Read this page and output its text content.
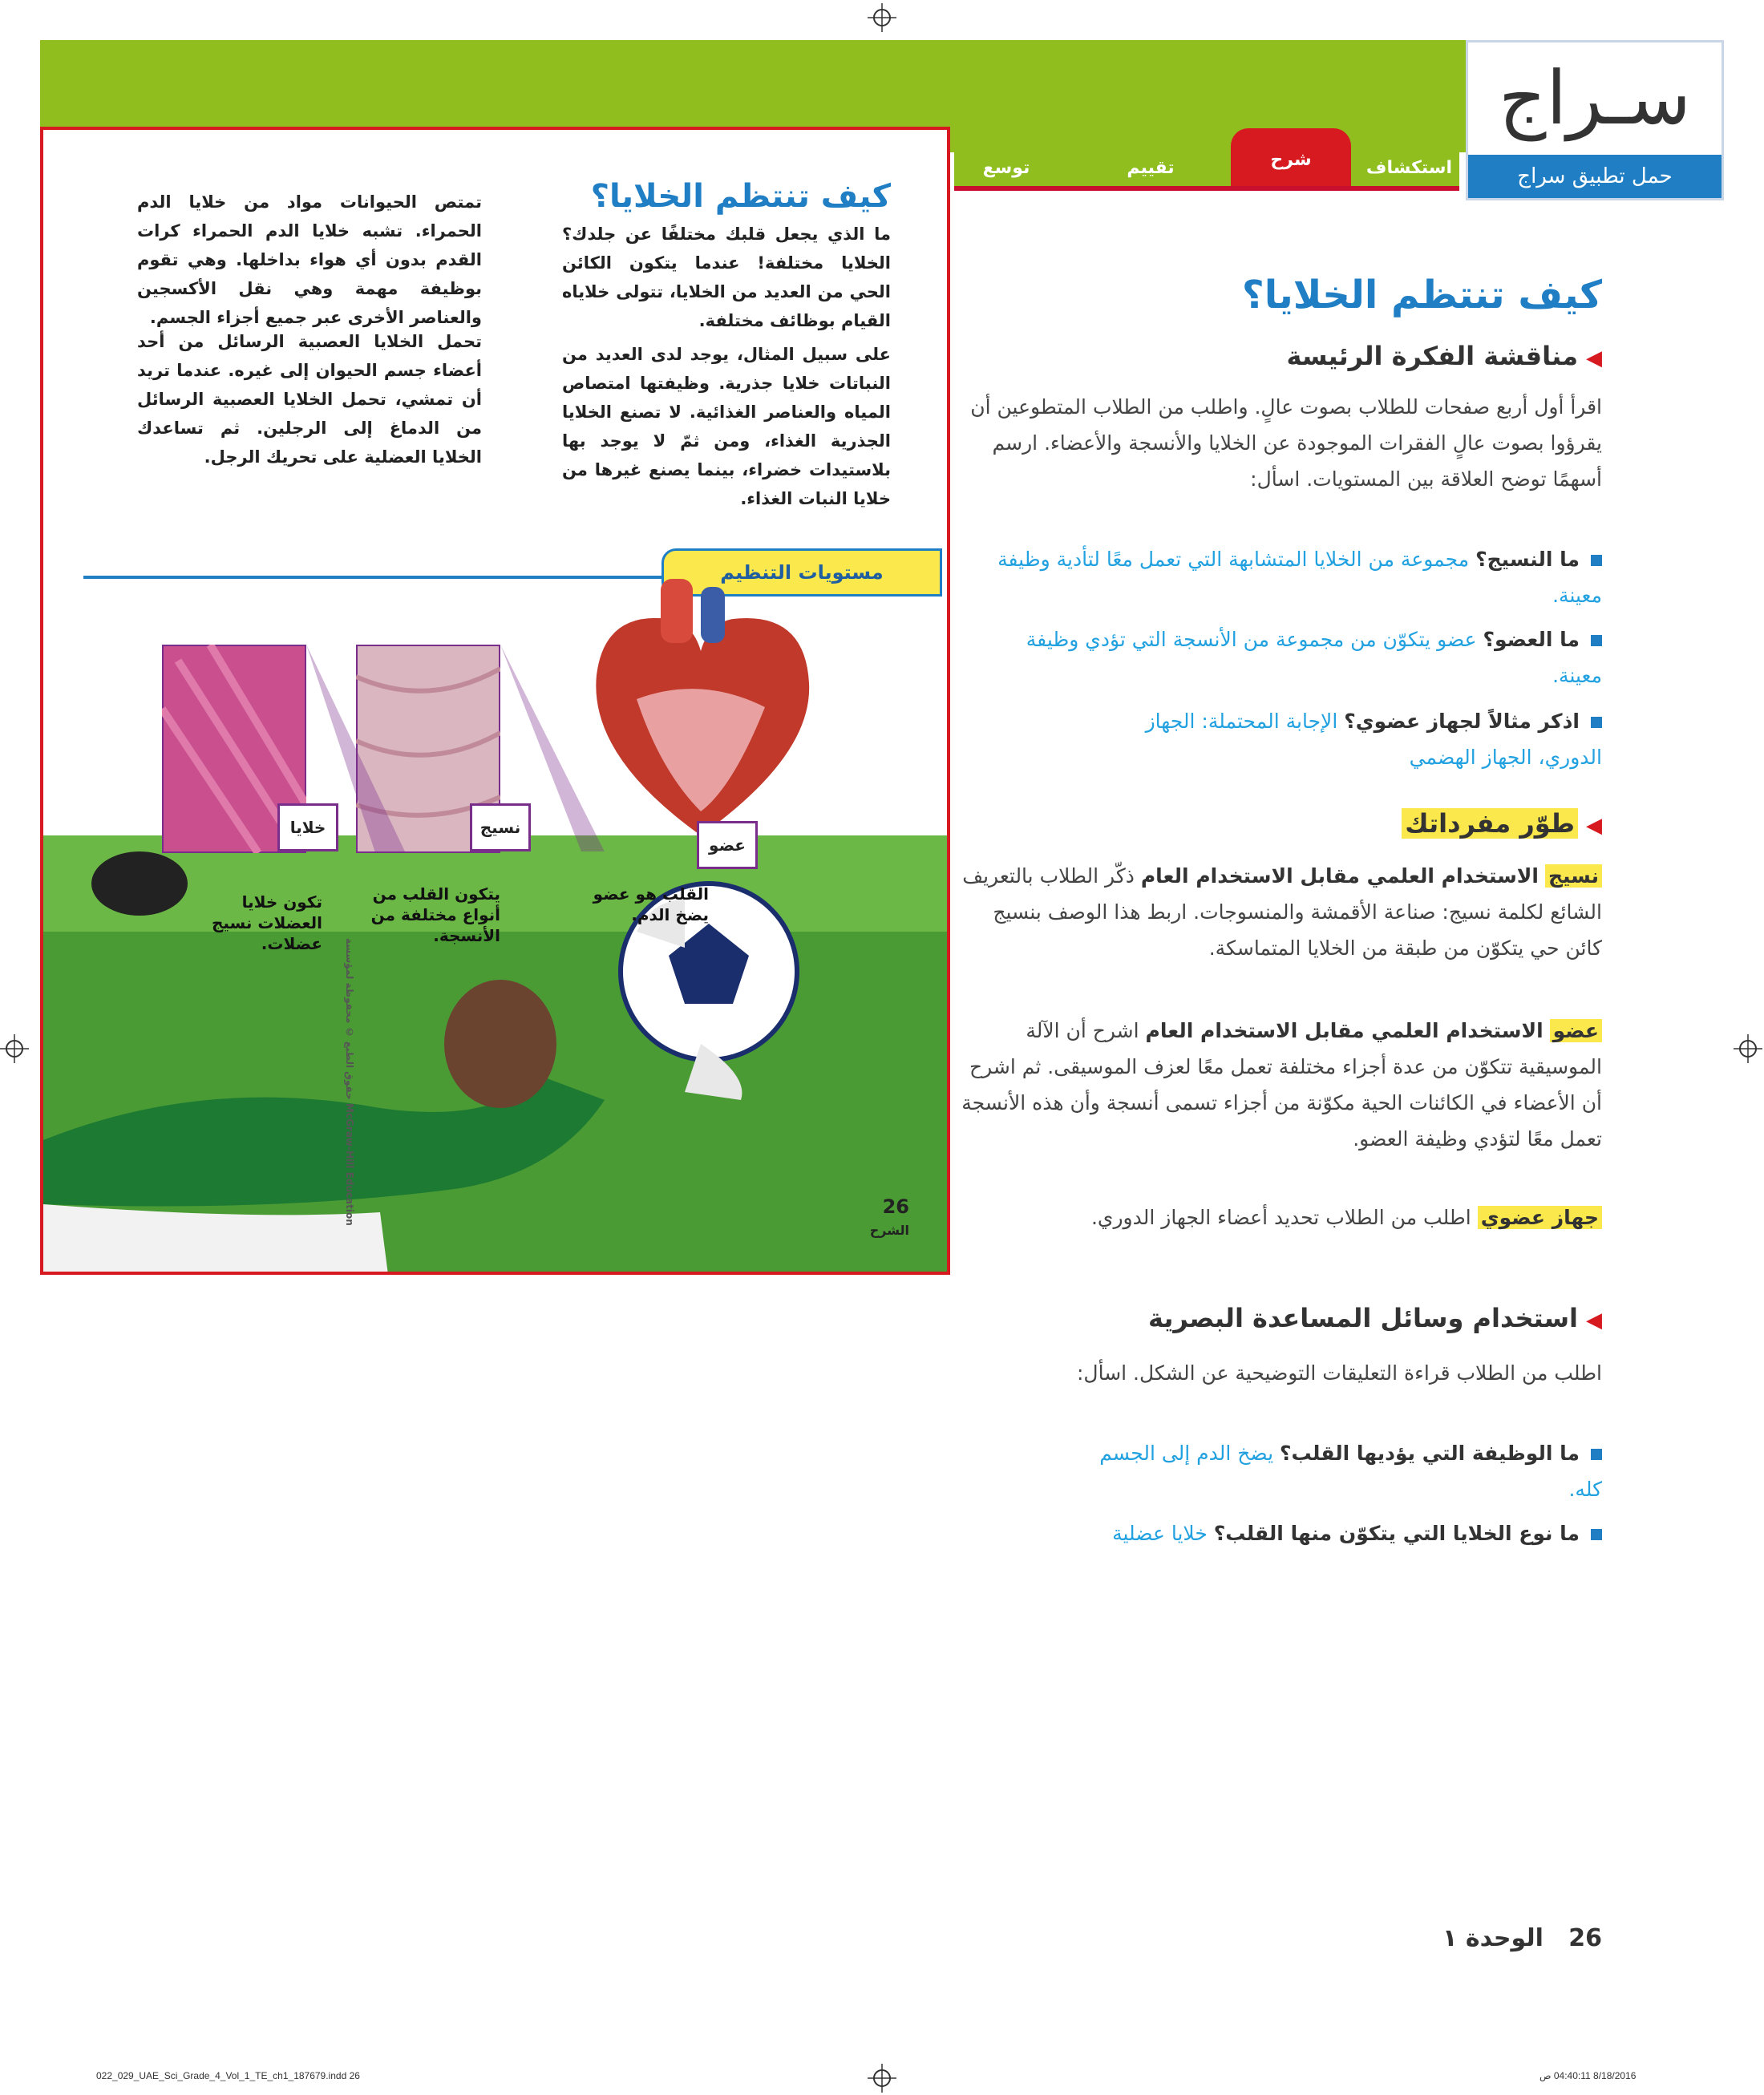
توسع	تقييم	شرح	استكشاف
سـراج
حمل تطبيق سراج
كيف تنتظم الخلايا؟
ما الذي يجعل قلبك مختلفًا عن جلدك؟ الخلايا مختلفة! عندما يتكون الكائن الحي من العديد من الخلايا، تتولى خلاياه القيام بوظائف مختلفة.
على سبيل المثال، يوجد لدى العديد من النباتات خلايا جذرية. وظيفتها امتصاص المياه والعناصر الغذائية. لا تصنع الخلايا الجذرية الغذاء، ومن ثمّ لا يوجد بها بلاستيدات خضراء، بينما يصنع غيرها من خلايا النبات الغذاء.
تمتص الحيوانات مواد من خلايا الدم الحمراء. تشبه خلايا الدم الحمراء كرات القدم بدون أي هواء بداخلها. وهي تقوم بوظيفة مهمة وهي نقل الأكسجين والعناصر الأخرى عبر جميع أجزاء الجسم.
تحمل الخلايا العصبية الرسائل من أحد أعضاء جسم الحيوان إلى غيره. عندما تريد أن تمشي، تحمل الخلايا العصبية الرسائل من الدماغ إلى الرجلين. ثم تساعدك الخلايا العضلية على تحريك الرجل.
مستويات التنظيم
عضو
نسيج
خلايا
القلب هو عضو يضخ الدم.
يتكون القلب من أنواع مختلفة من الأنسجة.
تكون خلايا العضلات نسيج عضلات.	McGraw-Hill Education حقوق الطبع © محفوظة لمؤسسة	26
الشرح
كيف تنتظم الخلايا؟
◀مناقشة الفكرة الرئيسة
اقرأ أول أربع صفحات للطلاب بصوت عالٍ. واطلب من الطلاب المتطوعين أن يقرؤوا بصوت عالٍ الفقرات الموجودة عن الخلايا والأنسجة والأعضاء. ارسم أسهمًا توضح العلاقة بين المستويات. اسأل:
ما النسيج؟ مجموعة من الخلايا المتشابهة التي تعمل معًا لتأدية وظيفة معينة.
ما العضو؟ عضو يتكوّن من مجموعة من الأنسجة التي تؤدي وظيفة معينة.
اذكر مثالاً لجهاز عضوي؟ الإجابة المحتملة: الجهاز الدوري، الجهاز الهضمي
◀طوّر مفرداتك
نسيج الاستخدام العلمي مقابل الاستخدام العام ذكّر الطلاب بالتعريف الشائع لكلمة نسيج: صناعة الأقمشة والمنسوجات. اربط هذا الوصف بنسيج كائن حي يتكوّن من طبقة من الخلايا المتماسكة.
عضو الاستخدام العلمي مقابل الاستخدام العام اشرح أن الآلة الموسيقية تتكوّن من عدة أجزاء مختلفة تعمل معًا لعزف الموسيقى. ثم اشرح أن الأعضاء في الكائنات الحية مكوّنة من أجزاء تسمى أنسجة وأن هذه الأنسجة تعمل معًا لتؤدي وظيفة العضو.
جهاز عضوي اطلب من الطلاب تحديد أعضاء الجهاز الدوري.
◀استخدام وسائل المساعدة البصرية
اطلب من الطلاب قراءة التعليقات التوضيحية عن الشكل. اسأل:
ما الوظيفة التي يؤديها القلب؟ يضخ الدم إلى الجسم كله.
ما نوع الخلايا التي يتكوّن منها القلب؟ خلايا عضلية
26   الوحدة ١
022_029_UAE_Sci_Grade_4_Vol_1_TE_ch1_187679.indd 26	8/18/2016 04:40:11 ص
